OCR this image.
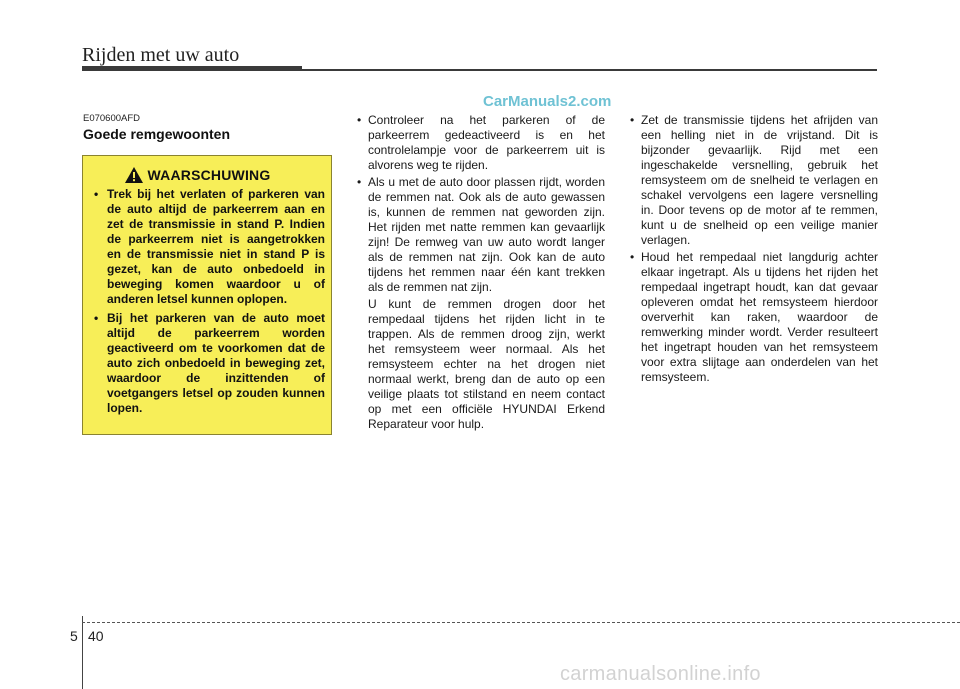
Rijden met uw auto
CarManuals2.com
E070600AFD
Goede remgewoonten
WAARSCHUWING
• Trek bij het verlaten of parkeren van de auto altijd de parkeerrem aan en zet de transmissie in stand P. Indien de parkeerrem niet is aangetrokken en de transmissie niet in stand P is gezet, kan de auto onbedoeld in beweging komen waardoor u of anderen letsel kunnen oplopen.
• Bij het parkeren van de auto moet altijd de parkeerrem worden geactiveerd om te voorkomen dat de auto zich onbedoeld in beweging zet, waardoor de inzittenden of voetgangers letsel op zouden kunnen lopen.
• Controleer na het parkeren of de parkeerrem gedeactiveerd is en het controlelampje voor de parkeerrem uit is alvorens weg te rijden.
• Als u met de auto door plassen rijdt, worden de remmen nat. Ook als de auto gewassen is, kunnen de remmen nat geworden zijn. Het rijden met natte remmen kan gevaarlijk zijn! De remweg van uw auto wordt langer als de remmen nat zijn. Ook kan de auto tijdens het remmen naar één kant trekken als de remmen nat zijn.
U kunt de remmen drogen door het rempedaal tijdens het rijden licht in te trappen. Als de remmen droog zijn, werkt het remsysteem weer normaal. Als het remsysteem echter na het drogen niet normaal werkt, breng dan de auto op een veilige plaats tot stilstand en neem contact op met een officiële HYUNDAI Erkend Reparateur voor hulp.
• Zet de transmissie tijdens het afrijden van een helling niet in de vrijstand. Dit is bijzonder gevaarlijk. Rijd met een ingeschakelde versnelling, gebruik het remsysteem om de snelheid te verlagen en schakel vervolgens een lagere versnelling in. Door tevens op de motor af te remmen, kunt u de snelheid op een veilige manier verlagen.
• Houd het rempedaal niet langdurig achter elkaar ingetrapt. Als u tijdens het rijden het rempedaal ingetrapt houdt, kan dat gevaar opleveren omdat het remsysteem hierdoor oververhit kan raken, waardoor de remwerking minder wordt. Verder resulteert het ingetrapt houden van het remsysteem voor extra slijtage aan onderdelen van het remsysteem.
5 40
carmanualsonline.info
